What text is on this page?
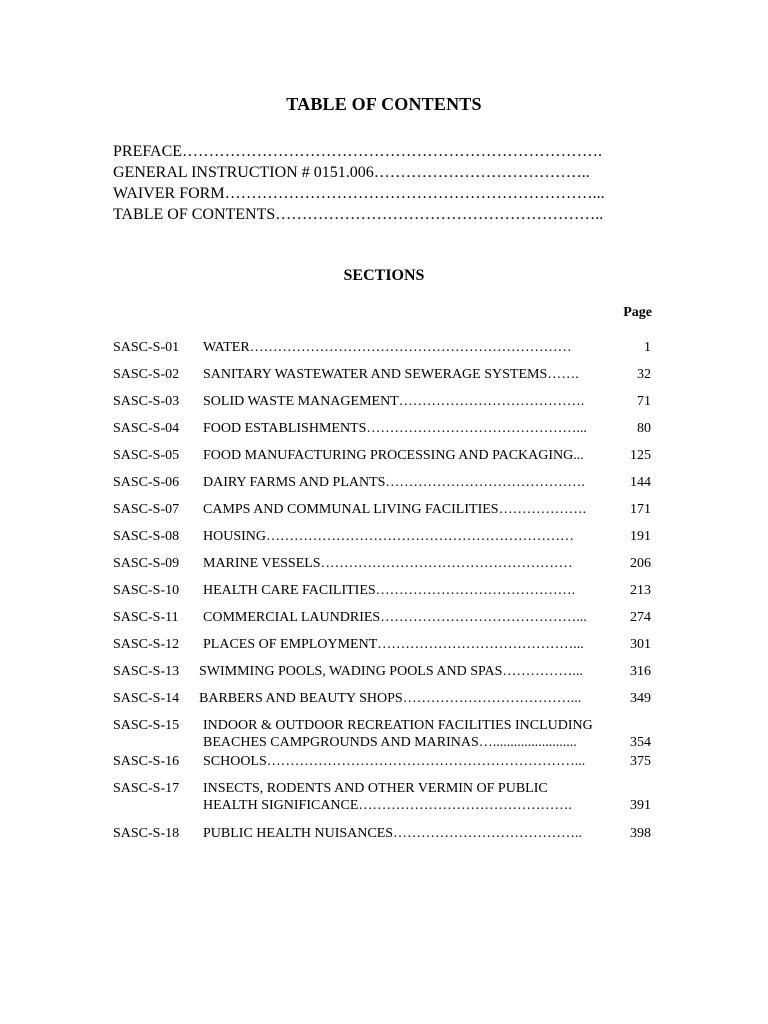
TABLE OF CONTENTS
PREFACE…………………………………………………………………….
GENERAL INSTRUCTION # 0151.006…………………………………..
WAIVER FORM……………………………………………………………...
TABLE OF CONTENTS……………………………………………………..
SECTIONS
Page
SASC-S-01	WATER……………………………………………………………	1
SASC-S-02	SANITARY WASTEWATER AND SEWERAGE SYSTEMS…….	32
SASC-S-03	SOLID WASTE MANAGEMENT………………………………….	71
SASC-S-04	FOOD ESTABLISHMENTS………………………………………...	80
SASC-S-05	FOOD MANUFACTURING PROCESSING AND PACKAGING...	125
SASC-S-06	DAIRY FARMS AND PLANTS…………………………………….	144
SASC-S-07	CAMPS AND COMMUNAL LIVING FACILITIES……………….	171
SASC-S-08	HOUSING…………………………………………………………	191
SASC-S-09	MARINE VESSELS………………………………………………	206
SASC-S-10	HEALTH CARE FACILITIES…………………………………….	213
SASC-S-11	COMMERCIAL LAUNDRIES……………………………………...	274
SASC-S-12	PLACES OF EMPLOYMENT……………………………………...	301
SASC-S-13	SWIMMING POOLS, WADING POOLS AND SPAS……………...	316
SASC-S-14	BARBERS AND BEAUTY SHOPS………………………………...	349
SASC-S-15	INDOOR & OUTDOOR RECREATION FACILITIES INCLUDING
BEACHES CAMPGROUNDS AND MARINAS…........................	354
SASC-S-16	SCHOOLS…………………………………………………………...	375
SASC-S-17	INSECTS, RODENTS AND OTHER VERMIN OF PUBLIC
HEALTH SIGNIFICANCE……………………………………….	391
SASC-S-18	PUBLIC HEALTH NUISANCES…………………………………..	398
